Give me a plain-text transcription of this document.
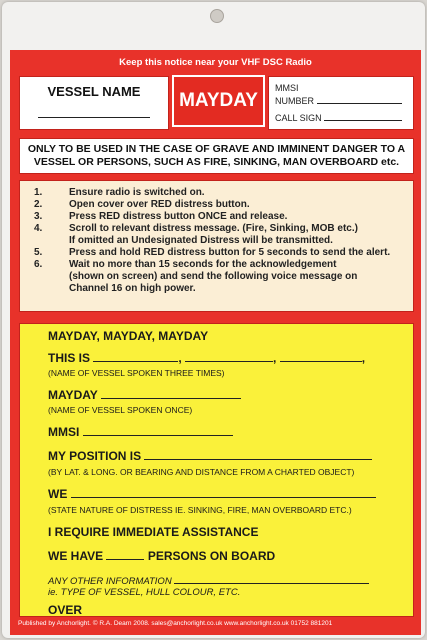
Keep this notice near your VHF DSC Radio
VESSEL NAME	MAYDAY
MMSI
NUMBER
CALL SIGN
ONLY TO BE USED IN THE CASE OF GRAVE AND IMMINENT DANGER TO A VESSEL OR PERSONS, SUCH AS FIRE, SINKING, MAN OVERBOARD etc.
1.	Ensure radio is switched on.
2.	Open cover over RED distress button.
3.	Press RED distress button ONCE and release.
4.	Scroll to relevant distress message. (Fire, Sinking, MOB etc.)
If omitted an Undesignated Distress will be transmitted.
5.	Press and hold RED distress button for 5 seconds to send the alert.
6.	Wait no more than 15 seconds for the acknowledgement
(shown on screen) and send the following voice message on
Channel 16 on high power.
MAYDAY, MAYDAY, MAYDAY
THIS IS	,	,	,
(NAME OF VESSEL SPOKEN THREE TIMES)
MAYDAY
(NAME OF VESSEL SPOKEN ONCE)
MMSI
MY POSITION IS
(BY LAT. & LONG. OR BEARING AND DISTANCE FROM A CHARTED OBJECT)
WE
(STATE NATURE OF DISTRESS IE. SINKING, FIRE, MAN OVERBOARD ETC.)
I REQUIRE IMMEDIATE ASSISTANCE
WE HAVE	PERSONS ON BOARD
ANY OTHER INFORMATION
ie. TYPE OF VESSEL, HULL COLOUR, ETC.
OVER
Published by Anchorlight. © R.A. Dearn 2008. sales@anchorlight.co.uk www.anchorlight.co.uk 01752 881201
